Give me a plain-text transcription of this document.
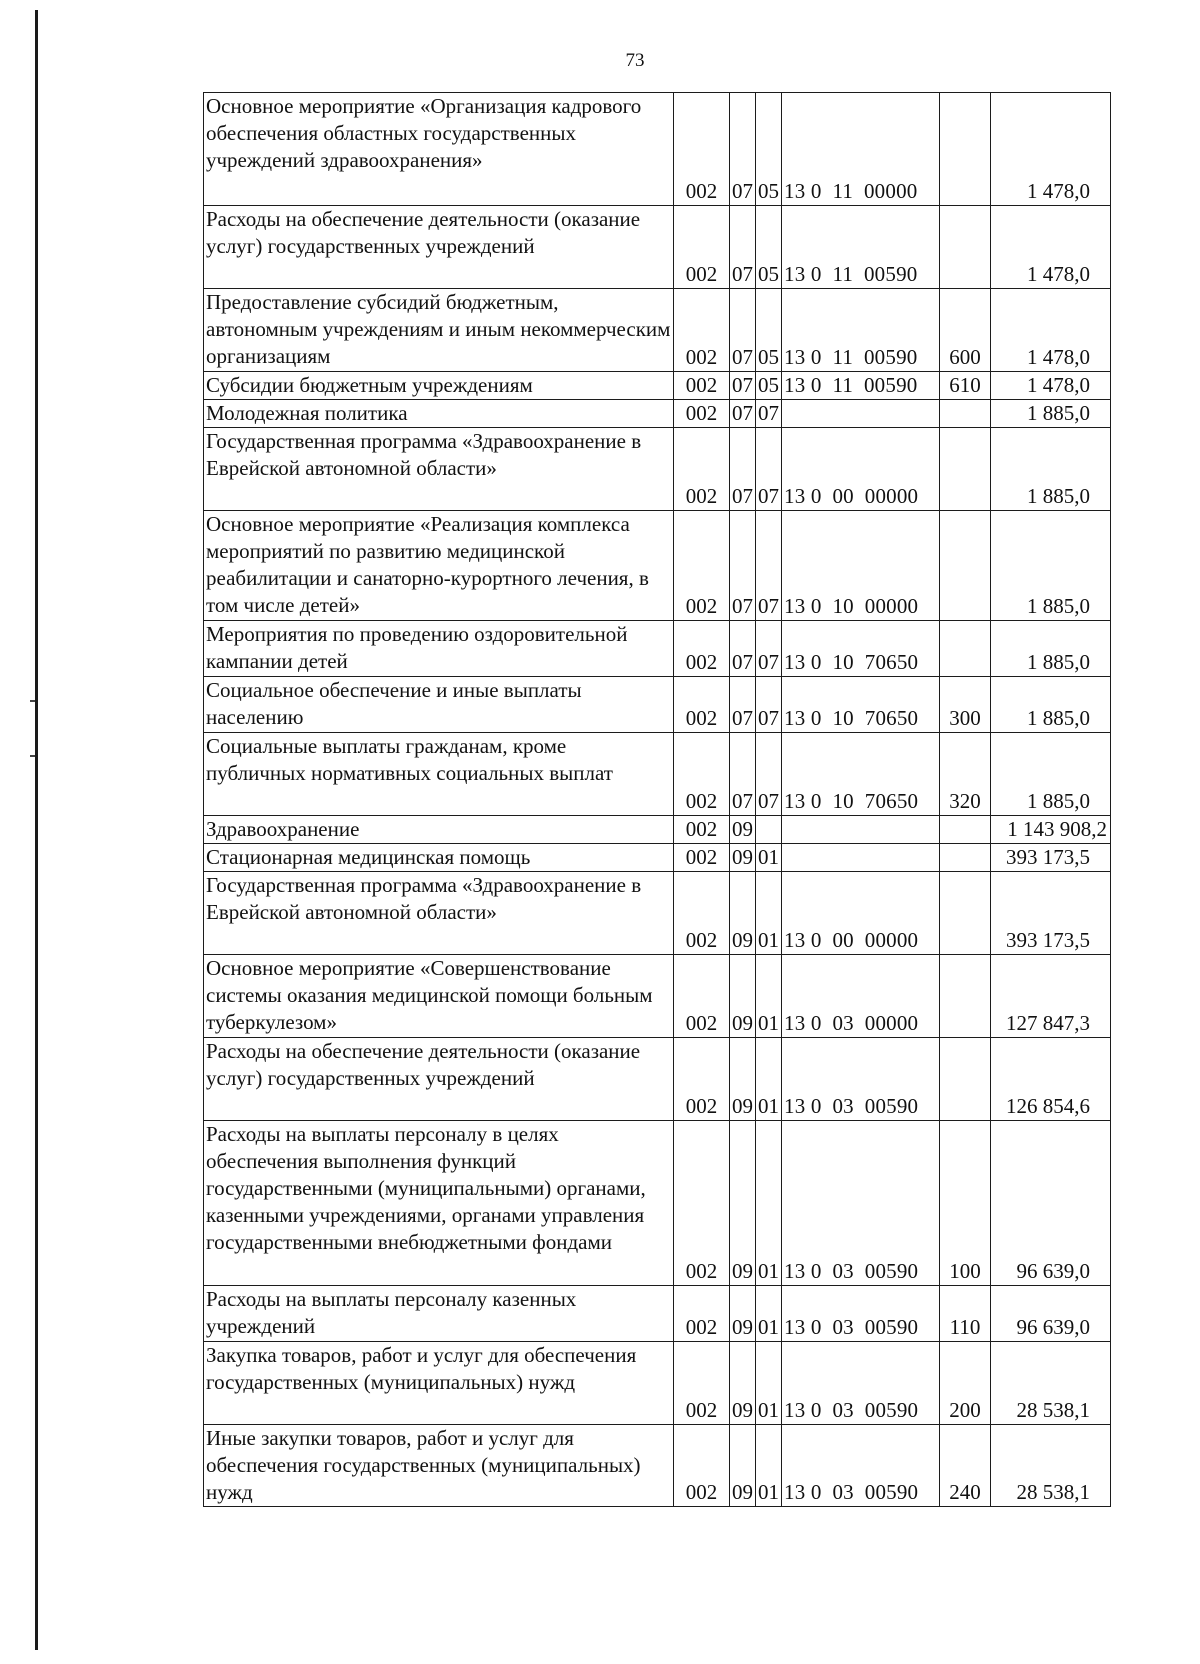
73
Основное мероприятие «Организация кадрового обеспечения областных государственных учреждений здравоохранения»	002	07	05	13 0  11  00000		1 478,0
Расходы на обеспечение деятельности (оказание услуг) государственных учреждений	002	07	05	13 0  11  00590		1 478,0
Предоставление субсидий бюджетным, автономным учреждениям и иным некоммерческим организациям	002	07	05	13 0  11  00590	600	1 478,0
Субсидии бюджетным учреждениям	002	07	05	13 0  11  00590	610	1 478,0
Молодежная политика	002	07	07			1 885,0
Государственная программа «Здравоохранение в Еврейской автономной области»	002	07	07	13 0  00  00000		1 885,0
Основное мероприятие «Реализация комплекса мероприятий по развитию медицинской реабилитации и санаторно-курортного лечения, в том числе детей»	002	07	07	13 0  10  00000		1 885,0
Мероприятия по проведению оздоровительной кампании детей	002	07	07	13 0  10  70650		1 885,0
Социальное обеспечение и иные выплаты населению	002	07	07	13 0  10  70650	300	1 885,0
Социальные выплаты гражданам, кроме публичных нормативных социальных выплат	002	07	07	13 0  10  70650	320	1 885,0
Здравоохранение	002	09				1 143 908,2
Стационарная медицинская помощь	002	09	01			393 173,5
Государственная программа «Здравоохранение в Еврейской автономной области»	002	09	01	13 0  00  00000		393 173,5
Основное мероприятие «Совершенствование системы оказания медицинской помощи больным туберкулезом»	002	09	01	13 0  03  00000		127 847,3
Расходы на обеспечение деятельности (оказание услуг) государственных учреждений	002	09	01	13 0  03  00590		126 854,6
Расходы на выплаты персоналу в целях обеспечения выполнения функций государственными (муниципальными) органами, казенными учреждениями, органами управления государственными внебюджетными фондами	002	09	01	13 0  03  00590	100	96 639,0
Расходы на выплаты персоналу казенных учреждений	002	09	01	13 0  03  00590	110	96 639,0
Закупка товаров, работ и услуг для обеспечения государственных (муниципальных) нужд	002	09	01	13 0  03  00590	200	28 538,1
Иные закупки товаров, работ и услуг для обеспечения государственных (муниципальных) нужд	002	09	01	13 0  03  00590	240	28 538,1
